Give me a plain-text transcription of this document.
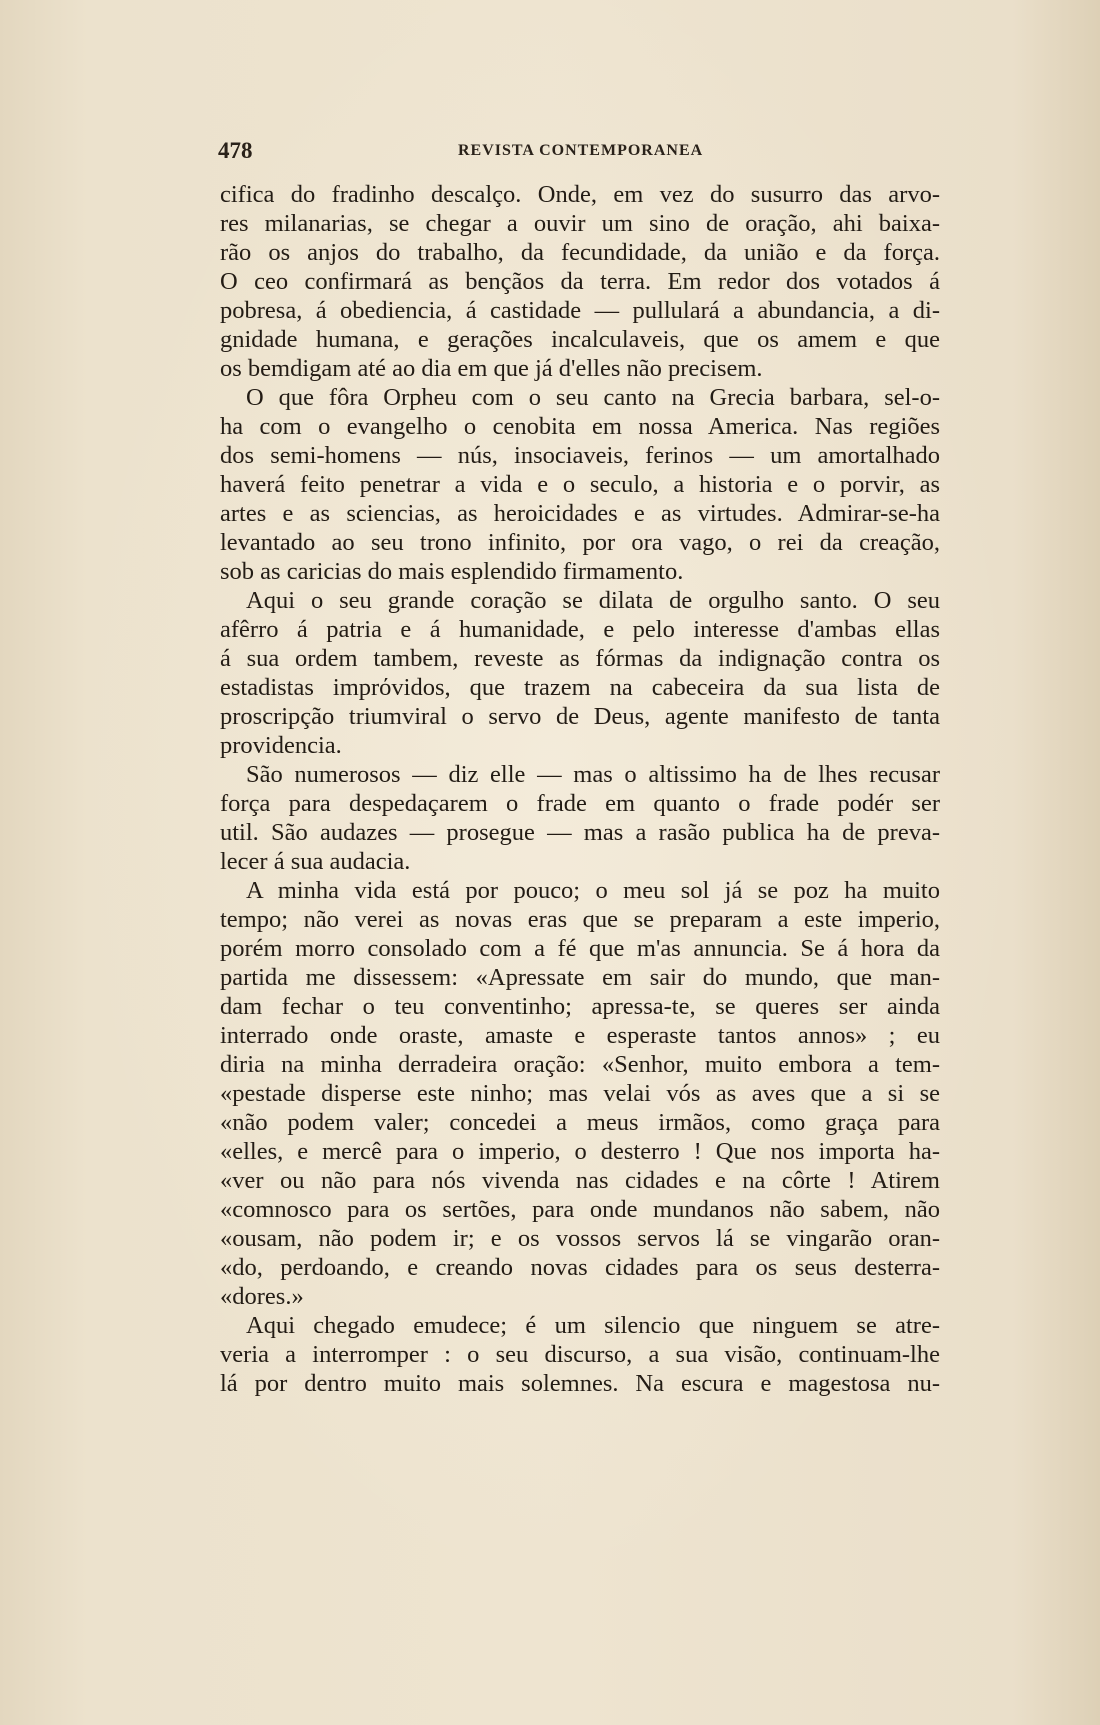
478	REVISTA CONTEMPORANEA
cifica do fradinho descalço. Onde, em vez do susurro das arvo-
res milanarias, se chegar a ouvir um sino de oração, ahi baixa-
rão os anjos do trabalho, da fecundidade, da união e da força.
O ceo confirmará as bençãos da terra. Em redor dos votados á
pobresa, á obediencia, á castidade — pullulará a abundancia, a di-
gnidade humana, e gerações incalculaveis, que os amem e que
os bemdigam até ao dia em que já d'elles não precisem.
O que fôra Orpheu com o seu canto na Grecia barbara, sel-o-
ha com o evangelho o cenobita em nossa America. Nas regiões
dos semi-homens — nús, insociaveis, ferinos — um amortalhado
haverá feito penetrar a vida e o seculo, a historia e o porvir, as
artes e as sciencias, as heroicidades e as virtudes. Admirar-se-ha
levantado ao seu trono infinito, por ora vago, o rei da creação,
sob as caricias do mais esplendido firmamento.
Aqui o seu grande coração se dilata de orgulho santo. O seu
afêrro á patria e á humanidade, e pelo interesse d'ambas ellas
á sua ordem tambem, reveste as fórmas da indignação contra os
estadistas imprόvidos, que trazem na cabeceira da sua lista de
proscripção triumviral o servo de Deus, agente manifesto de tanta
providencia.
São numerosos — diz elle — mas o altissimo ha de lhes recusar
força para despedaçarem o frade em quanto o frade podér ser
util. São audazes — prosegue — mas a rasão publica ha de preva-
lecer á sua audacia.
A minha vida está por pouco; o meu sol já se poz ha muito
tempo; não verei as novas eras que se preparam a este imperio,
porém morro consolado com a fé que m'as annuncia. Se á hora da
partida me dissessem: «Apressate em sair do mundo, que man-
dam fechar o teu conventinho; apressa-te, se queres ser ainda
interrado onde oraste, amaste e esperaste tantos annos» ; eu
diria na minha derradeira oração: «Senhor, muito embora a tem-
«pestade disperse este ninho; mas velai vós as aves que a si se
«não podem valer; concedei a meus irmãos, como graça para
«elles, e mercê para o imperio, o desterro ! Que nos importa ha-
«ver ou não para nós vivenda nas cidades e na côrte ! Atirem
«comnosco para os sertões, para onde mundanos não sabem, não
«ousam, não podem ir; e os vossos servos lá se vingarão oran-
«do, perdoando, e creando novas cidades para os seus desterra-
«dores.»
Aqui chegado emudece; é um silencio que ninguem se atre-
veria a interromper : o seu discurso, a sua visão, continuam-lhe
lá por dentro muito mais solemnes. Na escura e magestosa nu-
